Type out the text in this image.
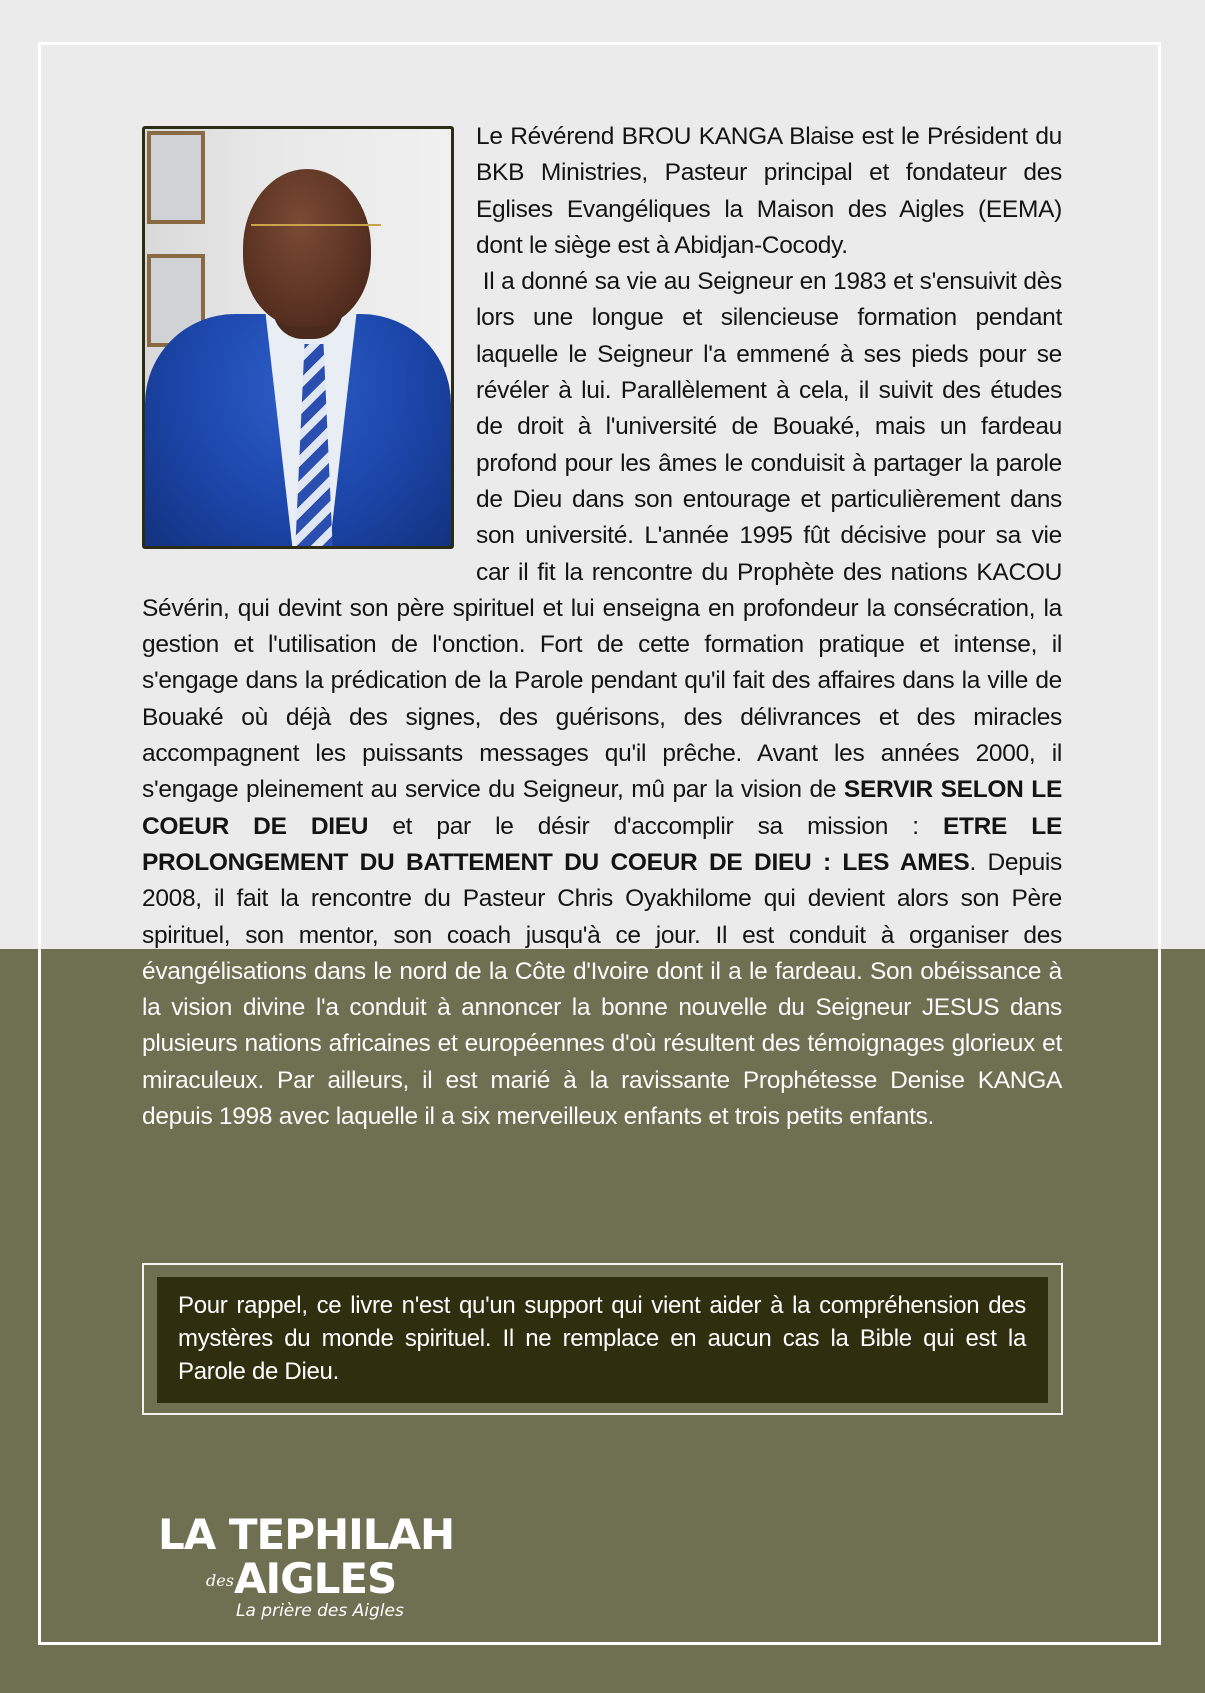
Le Révérend BROU KANGA Blaise est le Président du BKB Ministries, Pasteur principal et fondateur des Eglises Evangéliques la Maison des Aigles (EEMA) dont le siège est à Abidjan-Cocody.

Il a donné sa vie au Seigneur en 1983 et s'ensuivit dès lors une longue et silencieuse formation pendant laquelle le Seigneur l'a emmené à ses pieds pour se révéler à lui. Parallèlement à cela, il suivit des études de droit à l'université de Bouaké, mais un fardeau profond pour les âmes le conduisit à partager la parole de Dieu dans son entourage et particulièrement dans son université. L'année 1995 fût décisive pour sa vie car il fit la rencontre du Prophète des nations KACOU Sévérin, qui devint son père spirituel et lui enseigna en profondeur la consécration, la gestion et l'utilisation de l'onction. Fort de cette formation pratique et intense, il s'engage dans la prédication de la Parole pendant qu'il fait des affaires dans la ville de Bouaké où déjà des signes, des guérisons, des délivrances et des miracles accompagnent les puissants messages qu'il prêche. Avant les années 2000, il s'engage pleinement au service du Seigneur, mû par la vision de SERVIR SELON LE COEUR DE DIEU et par le désir d'accomplir sa mission : ETRE LE PROLONGEMENT DU BATTEMENT DU COEUR DE DIEU : LES AMES. Depuis 2008, il fait la rencontre du Pasteur Chris Oyakhilome qui devient alors son Père spirituel, son mentor, son coach jusqu'à ce jour. Il est conduit à organiser des évangélisations dans le nord de la Côte d'Ivoire dont il a le fardeau. Son obéissance à la vision divine l'a conduit à annoncer la bonne nouvelle du Seigneur JESUS dans plusieurs nations africaines et européennes d'où résultent des témoignages glorieux et miraculeux. Par ailleurs, il est marié à la ravissante Prophétesse Denise KANGA depuis 1998 avec laquelle il a six merveilleux enfants et trois petits enfants.

Pour rappel, ce livre n'est qu'un support qui vient aider à la compréhension des mystères du monde spirituel. Il ne remplace en aucun cas la Bible qui est la Parole de Dieu.
LA TEPHILAH
des AIGLES
La prière des Aigles
